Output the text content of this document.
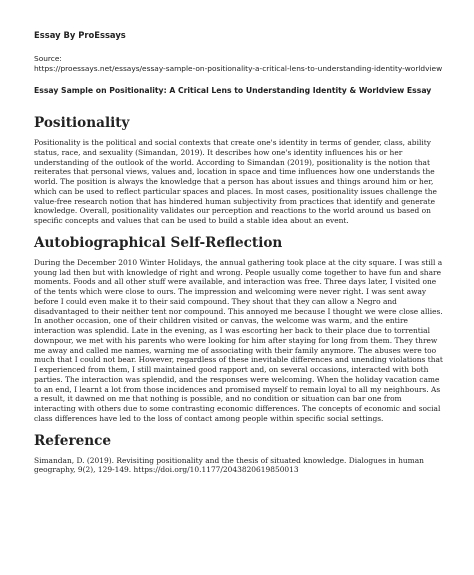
Essay By ProEssays
Source:
https://proessays.net/essays/essay-sample-on-positionality-a-critical-lens-to-understanding-identity-worldview
Essay Sample on Positionality: A Critical Lens to Understanding Identity & Worldview Essay
Positionality

Positionality is the political and social contexts that create one's identity in terms of gender, class, ability status, race, and sexuality (Simandan, 2019). It describes how one's identity influences his or her understanding of the outlook of the world. According to Simandan (2019), positionality is the notion that reiterates that personal views, values and, location in space and time influences how one understands the world. The position is always the knowledge that a person has about issues and things around him or her, which can be used to reflect particular spaces and places. In most cases, positionality issues challenge the value-free research notion that has hindered human subjectivity from practices that identify and generate knowledge. Overall, positionality validates our perception and reactions to the world around us based on specific concepts and values that can be used to build a stable idea about an event.

Autobiographical Self-Reflection

During the December 2010 Winter Holidays, the annual gathering took place at the city square. I was still a young lad then but with knowledge of right and wrong. People usually come together to have fun and share moments. Foods and all other stuff were available, and interaction was free. Three days later, I visited one of the tents which were close to ours. The impression and welcoming were never right. I was sent away before I could even make it to their said compound. They shout that they can allow a Negro and disadvantaged to their neither tent nor compound. This annoyed me because I thought we were close allies. In another occasion, one of their children visited or canvas, the welcome was warm, and the entire interaction was splendid. Late in the evening, as I was escorting her back to their place due to torrential downpour, we met with his parents who were looking for him after staying for long from them. They threw me away and called me names, warning me of associating with their family anymore. The abuses were too much that I could not bear. However, regardless of these inevitable differences and unending violations that I experienced from them, I still maintained good rapport and, on several occasions, interacted with both parties. The interaction was splendid, and the responses were welcoming. When the holiday vacation came to an end, I learnt a lot from those incidences and promised myself to remain loyal to all my neighbours. As a result, it dawned on me that nothing is possible, and no condition or situation can bar one from interacting with others due to some contrasting economic differences. The concepts of economic and social class differences have led to the loss of contact among people within specific social settings.

Reference

Simandan, D. (2019). Revisiting positionality and the thesis of situated knowledge. Dialogues in human geography, 9(2), 129-149. https://doi.org/10.1177/2043820619850013
